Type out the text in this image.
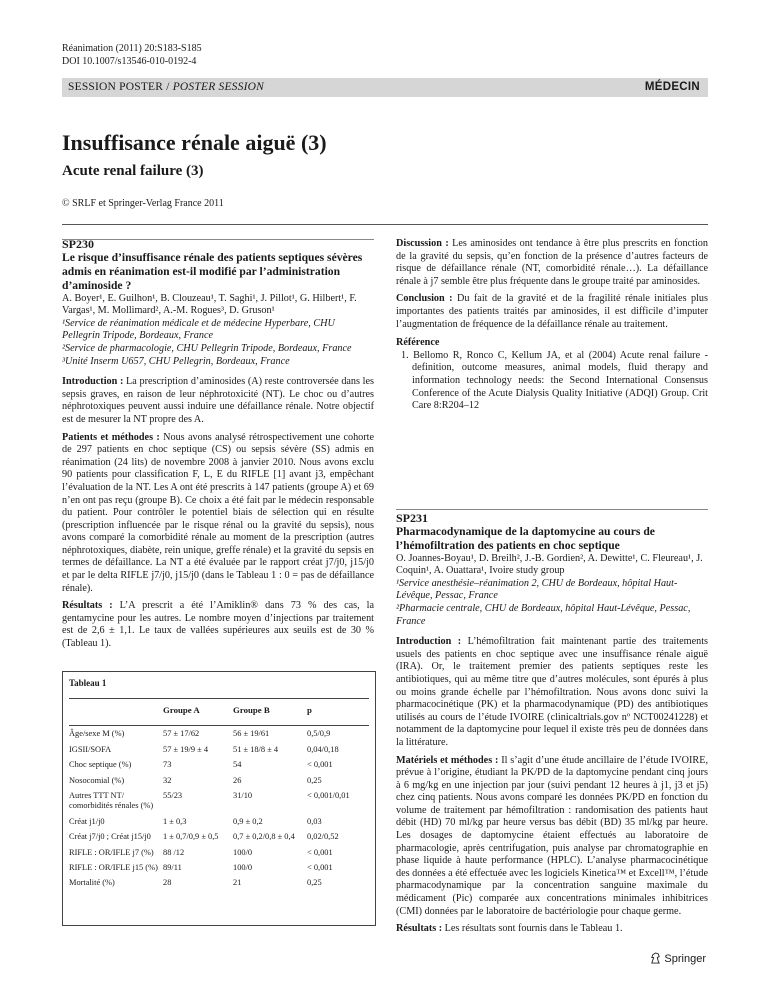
Réanimation (2011) 20:S183-S185
DOI 10.1007/s13546-010-0192-4
SESSION POSTER / POSTER SESSION	MÉDECIN
Insuffisance rénale aiguë (3)
Acute renal failure (3)
© SRLF et Springer-Verlag France 2011
SP230
Le risque d’insuffisance rénale des patients septiques sévères admis en réanimation est-il modifié par l’administration d’aminoside ?
A. Boyer¹, E. Guilhon¹, B. Clouzeau¹, T. Saghi¹, J. Pillot¹, G. Hilbert¹, F. Vargas¹, M. Mollimard², A.-M. Rogues³, D. Gruson¹
¹Service de réanimation médicale et de médecine Hyperbare, CHU Pellegrin Tripode, Bordeaux, France
²Service de pharmacologie, CHU Pellegrin Tripode, Bordeaux, France
³Unité Inserm U657, CHU Pellegrin, Bordeaux, France

Introduction : La prescription d’aminosides (A) reste controversée dans les sepsis graves, en raison de leur néphrotoxicité (NT). Le choc ou d’autres néphrotoxiques peuvent aussi induire une défaillance rénale. Notre objectif est de mesurer la NT propre des A.

Patients et méthodes : Nous avons analysé rétrospectivement une cohorte de 297 patients en choc septique (CS) ou sepsis sévère (SS) admis en réanimation (24 lits) de novembre 2008 à janvier 2010. Nous avons exclu 90 patients pour classification F, L, E du RIFLE [1] avant j3, empêchant l’évaluation de la NT. Les A ont été prescrits à 147 patients (groupe A) et 69 n’en ont pas reçu (groupe B). Ce choix a été fait par le médecin responsable du patient. Pour contrôler le potentiel biais de sélection qui en résulte (prescription influencée par le risque rénal ou la gravité du sepsis), nous avons comparé la comorbidité rénale au moment de la prescription (autres néphrotoxiques, diabète, rein unique, greffe rénale) et la gravité du sepsis en termes de défaillance. La NT a été évaluée par le rapport créat j7/j0, j15/j0 et par le delta RIFLE j7/j0, j15/j0 (dans le Tableau 1 : 0 = pas de défaillance rénale).

Résultats : L’A prescrit a été l’Amiklin® dans 73 % des cas, la gentamycine pour les autres. Le nombre moyen d’injections par traitement est de 2,6 ± 1,1. Le taux de vallées supérieures aux seuils est de 30 % (Tableau 1).

Tableau 1
	Groupe A	Groupe B	p
Âge/sexe M (%)	57 ± 17/62	56 ± 19/61	0,5/0,9
IGSII/SOFA	57 ± 19/9 ± 4	51 ± 18/8 ± 4	0,04/0,18
Choc septique (%)	73	54	< 0,001
Nosocomial (%)	32	26	0,25
Autres TTT NT/ comorbidités rénales (%)	55/23	31/10	< 0,001/0,01
Créat j1/j0	1 ± 0,3	0,9 ± 0,2	0,03
Créat j7/j0 ; Créat j15/j0	1 ± 0,7/0,9 ± 0,5	0,7 ± 0,2/0,8 ± 0,4	0,02/0,52
RIFLE : OR/IFLE j7 (%)	88 /12	100/0	< 0,001
RIFLE : OR/IFLE j15 (%)	89/11	100/0	< 0,001
Mortalité (%)	28	21	0,25

Discussion : Les aminosides ont tendance à être plus prescrits en fonction de la gravité du sepsis, qu’en fonction de la présence d’autres facteurs de risque de défaillance rénale (NT, comorbidité rénale…). La défaillance rénale à j7 semble être plus fréquente dans le groupe traité par aminosides.

Conclusion : Du fait de la gravité et de la fragilité rénale initiales plus importantes des patients traités par aminosides, il est difficile d’imputer l’augmentation de fréquence de la défaillance rénale au traitement.

Référence
1. Bellomo R, Ronco C, Kellum JA, et al (2004) Acute renal failure - definition, outcome measures, animal models, fluid therapy and information technology needs: the Second International Consensus Conference of the Acute Dialysis Quality Initiative (ADQI) Group. Crit Care 8:R204–12
SP231
Pharmacodynamique de la daptomycine au cours de l’hémofiltration des patients en choc septique
O. Joannes-Boyau¹, D. Breilh², J.-B. Gordien², A. Dewitte¹, C. Fleureau¹, J. Coquin¹, A. Ouattara¹, Ivoire study group
¹Service anesthésie–réanimation 2, CHU de Bordeaux, hôpital Haut-Lévêque, Pessac, France
²Pharmacie centrale, CHU de Bordeaux, hôpital Haut-Lévêque, Pessac, France

Introduction : L’hémofiltration fait maintenant partie des traitements usuels des patients en choc septique avec une insuffisance rénale aiguë (IRA). Or, le traitement premier des patients septiques reste les antibiotiques, qui au même titre que d’autres molécules, sont épurés à plus ou moins grande échelle par l’hémofiltration. Nous avons donc suivi la pharmacocinétique (PK) et la pharmacodynamique (PD) des antibiotiques utilisés au cours de l’étude IVOIRE (clinicaltrials.gov nº NCT00241228) et notamment de la daptomycine pour lequel il existe très peu de données dans la littérature.

Matériels et méthodes : Il s’agit d’une étude ancillaire de l’étude IVOIRE, prévue à l’origine, étudiant la PK/PD de la daptomycine pendant cinq jours à 6 mg/kg en une injection par jour (suivi pendant 12 heures à j1, j3 et j5) chez cinq patients. Nous avons comparé les données PK/PD en fonction du volume de traitement par hémofiltration : randomisation des patients haut débit (HD) 70 ml/kg par heure versus bas débit (BD) 35 ml/kg par heure. Les dosages de daptomycine étaient effectués au laboratoire de pharmacologie, après centrifugation, puis analyse par chromatographie en phase liquide à haute performance (HPLC). L’analyse pharmacocinétique des données a été effectuée avec les logiciels Kinetica™ et Excell™, l’étude pharmacodynamique par la concentration sanguine maximale du médicament (Pic) comparée aux concentrations minimales inhibitrices (CMI) données par le laboratoire de bactériologie pour chaque germe.

Résultats : Les résultats sont fournis dans le Tableau 1.

Springer
